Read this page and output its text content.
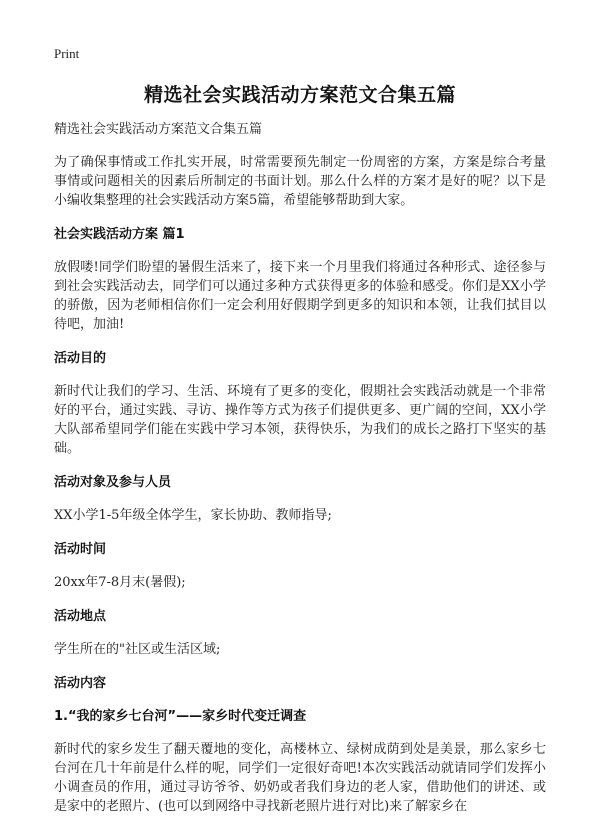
Print
精选社会实践活动方案范文合集五篇

精选社会实践活动方案范文合集五篇

为了确保事情或工作扎实开展，时常需要预先制定一份周密的方案，方案是综合考量事情或问题相关的因素后所制定的书面计划。那么什么样的方案才是好的呢？以下是小编收集整理的社会实践活动方案5篇，希望能够帮助到大家。

社会实践活动方案 篇1

放假喽!同学们盼望的暑假生活来了，接下来一个月里我们将通过各种形式、途径参与到社会实践活动去，同学们可以通过多种方式获得更多的体验和感受。你们是XX小学的骄傲，因为老师相信你们一定会利用好假期学到更多的知识和本领，让我们拭目以待吧，加油!

活动目的

新时代让我们的学习、生活、环境有了更多的变化，假期社会实践活动就是一个非常好的平台，通过实践、寻访、操作等方式为孩子们提供更多、更广阔的空间，XX小学大队部希望同学们能在实践中学习本领，获得快乐，为我们的成长之路打下坚实的基础。

活动对象及参与人员

XX小学1-5年级全体学生，家长协助、教师指导;

活动时间

20xx年7-8月末(暑假);

活动地点

学生所在的"社区或生活区域;

活动内容
1.“我的家乡七台河”——家乡时代变迁调查

新时代的家乡发生了翻天覆地的变化，高楼林立、绿树成荫到处是美景，那么家乡七台河在几十年前是什么样的呢，同学们一定很好奇吧!本次实践活动就请同学们发挥小小调查员的作用，通过寻访爷爷、奶奶或者我们身边的老人家，借助他们的讲述、或是家中的老照片、(也可以到网络中寻找新老照片进行对比)来了解家乡在
